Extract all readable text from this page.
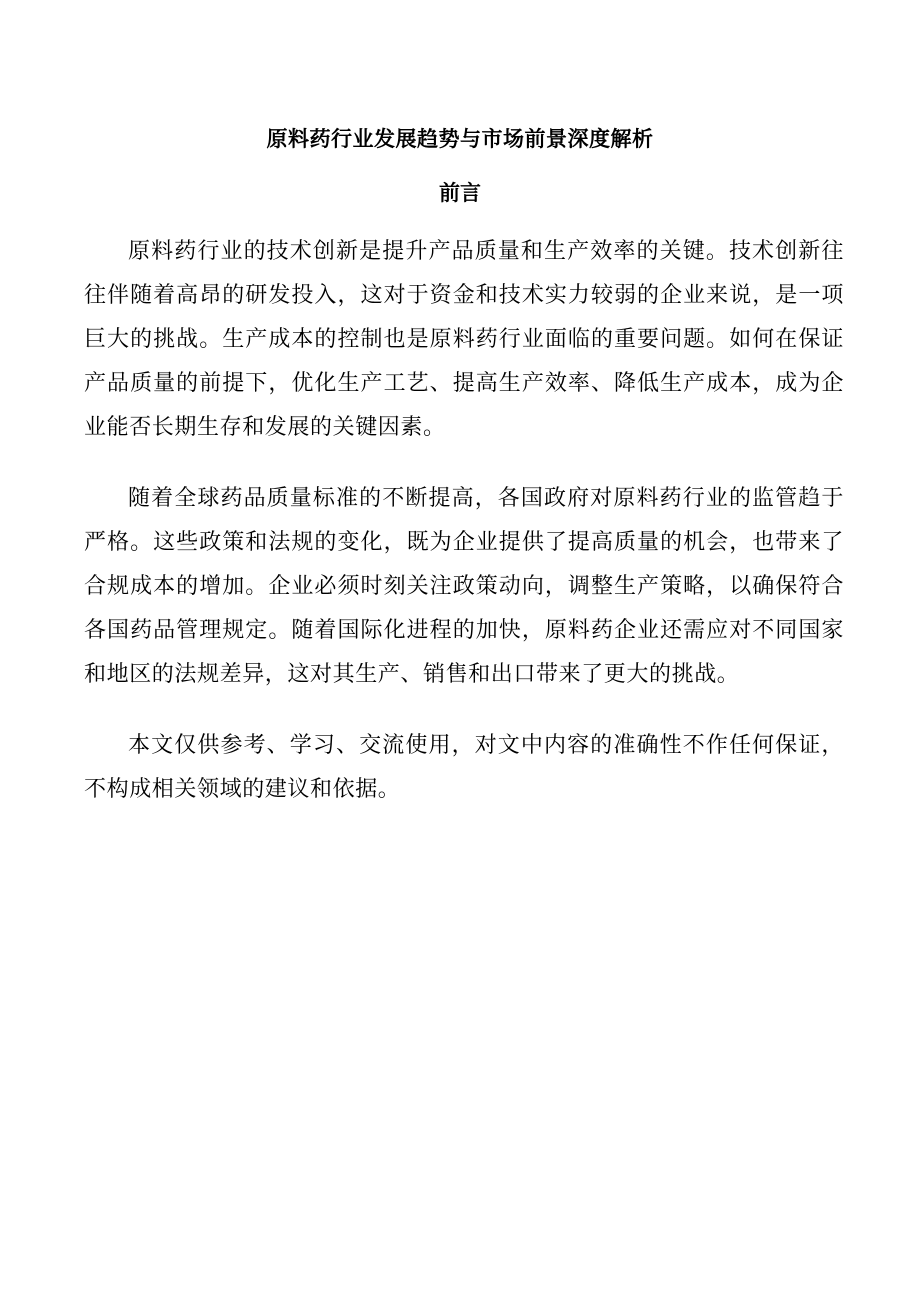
原料药行业发展趋势与市场前景深度解析
前言

原料药行业的技术创新是提升产品质量和生产效率的关键。技术创新往往伴随着高昂的研发投入，这对于资金和技术实力较弱的企业来说，是一项巨大的挑战。生产成本的控制也是原料药行业面临的重要问题。如何在保证产品质量的前提下，优化生产工艺、提高生产效率、降低生产成本，成为企业能否长期生存和发展的关键因素。

随着全球药品质量标准的不断提高，各国政府对原料药行业的监管趋于严格。这些政策和法规的变化，既为企业提供了提高质量的机会，也带来了合规成本的增加。企业必须时刻关注政策动向，调整生产策略，以确保符合各国药品管理规定。随着国际化进程的加快，原料药企业还需应对不同国家和地区的法规差异，这对其生产、销售和出口带来了更大的挑战。

本文仅供参考、学习、交流使用，对文中内容的准确性不作任何保证，不构成相关领域的建议和依据。
